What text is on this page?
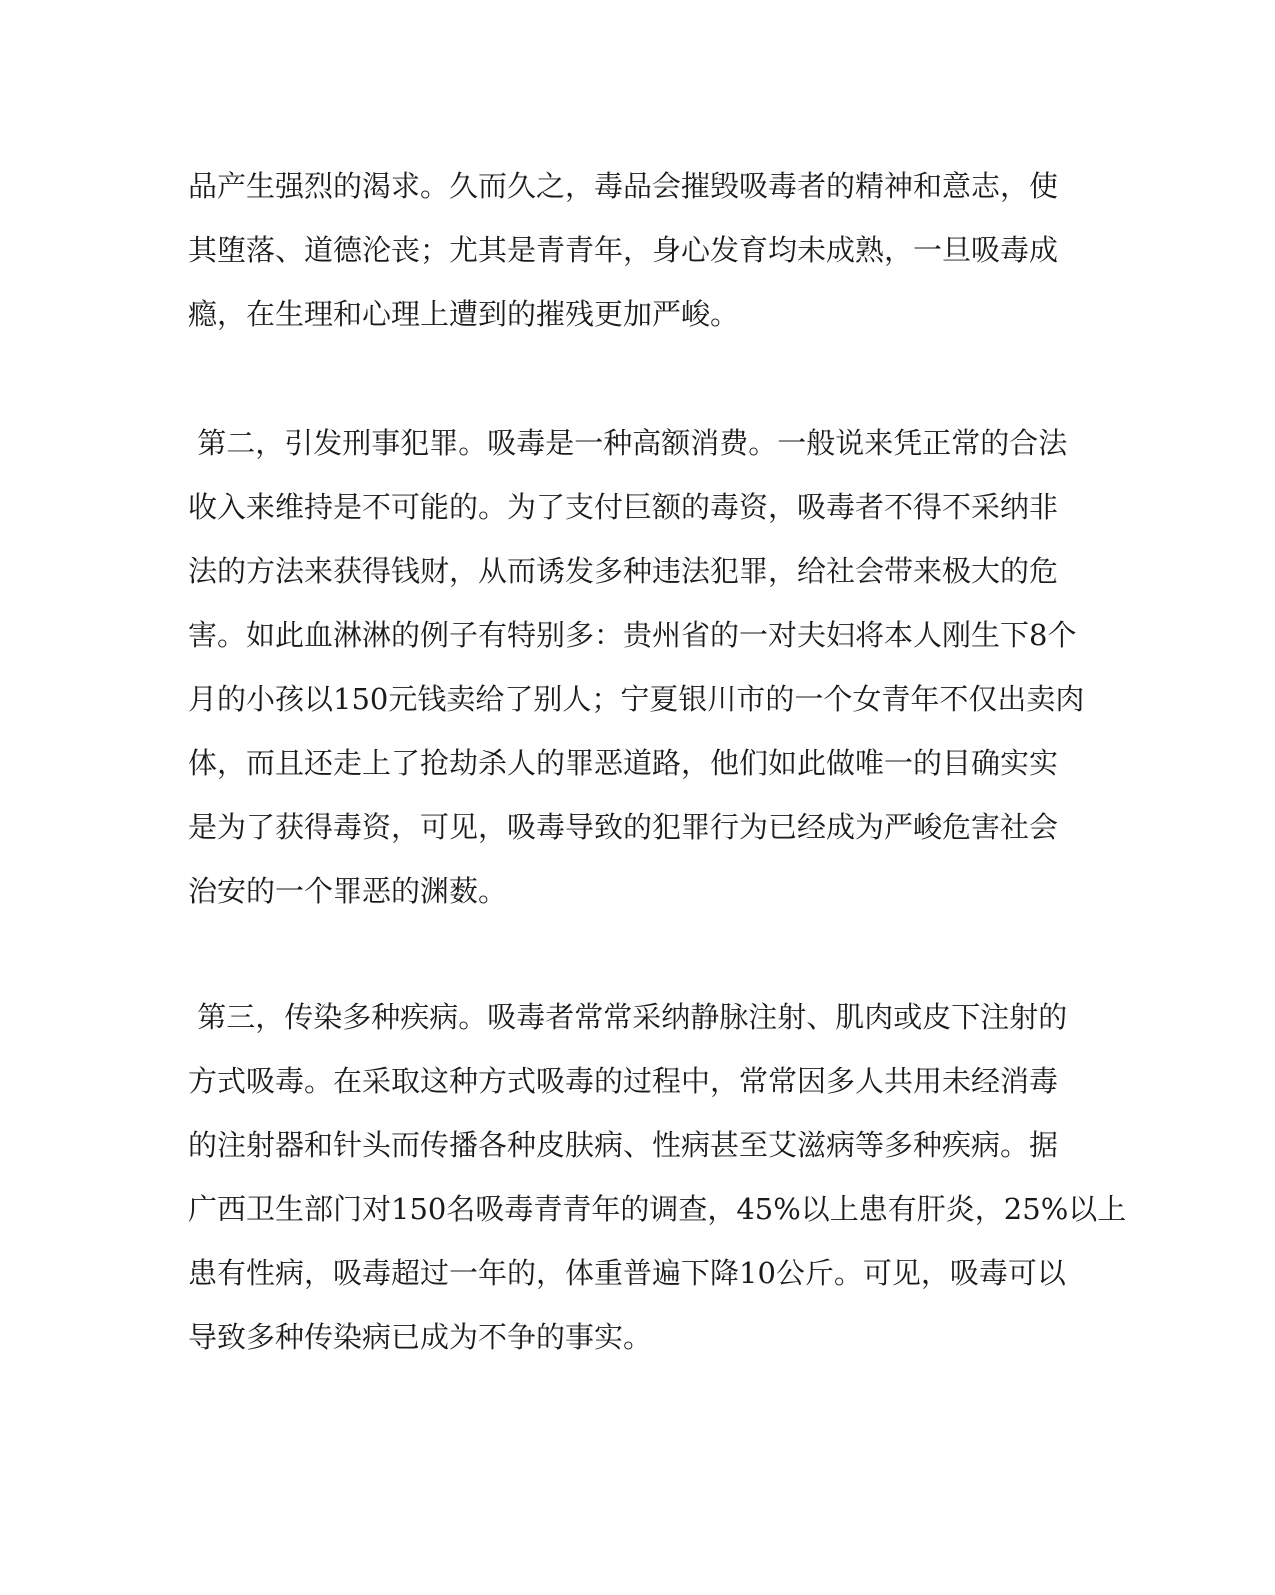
品产生强烈的渴求。久而久之，毒品会摧毁吸毒者的精神和意志，使
其堕落、道德沦丧；尤其是青青年，身心发育均未成熟，一旦吸毒成
瘾，在生理和心理上遭到的摧残更加严峻。
第二，引发刑事犯罪。吸毒是一种高额消费。一般说来凭正常的合法
收入来维持是不可能的。为了支付巨额的毒资，吸毒者不得不采纳非
法的方法来获得钱财，从而诱发多种违法犯罪，给社会带来极大的危
害。如此血淋淋的例子有特别多：贵州省的一对夫妇将本人刚生下8个
月的小孩以150元钱卖给了别人；宁夏银川市的一个女青年不仅出卖肉
体，而且还走上了抢劫杀人的罪恶道路，他们如此做唯一的目确实实
是为了获得毒资，可见，吸毒导致的犯罪行为已经成为严峻危害社会
治安的一个罪恶的渊薮。
第三，传染多种疾病。吸毒者常常采纳静脉注射、肌肉或皮下注射的
方式吸毒。在采取这种方式吸毒的过程中，常常因多人共用未经消毒
的注射器和针头而传播各种皮肤病、性病甚至艾滋病等多种疾病。据
广西卫生部门对150名吸毒青青年的调查，45%以上患有肝炎，25%以上
患有性病，吸毒超过一年的，体重普遍下降10公斤。可见，吸毒可以
导致多种传染病已成为不争的事实。
